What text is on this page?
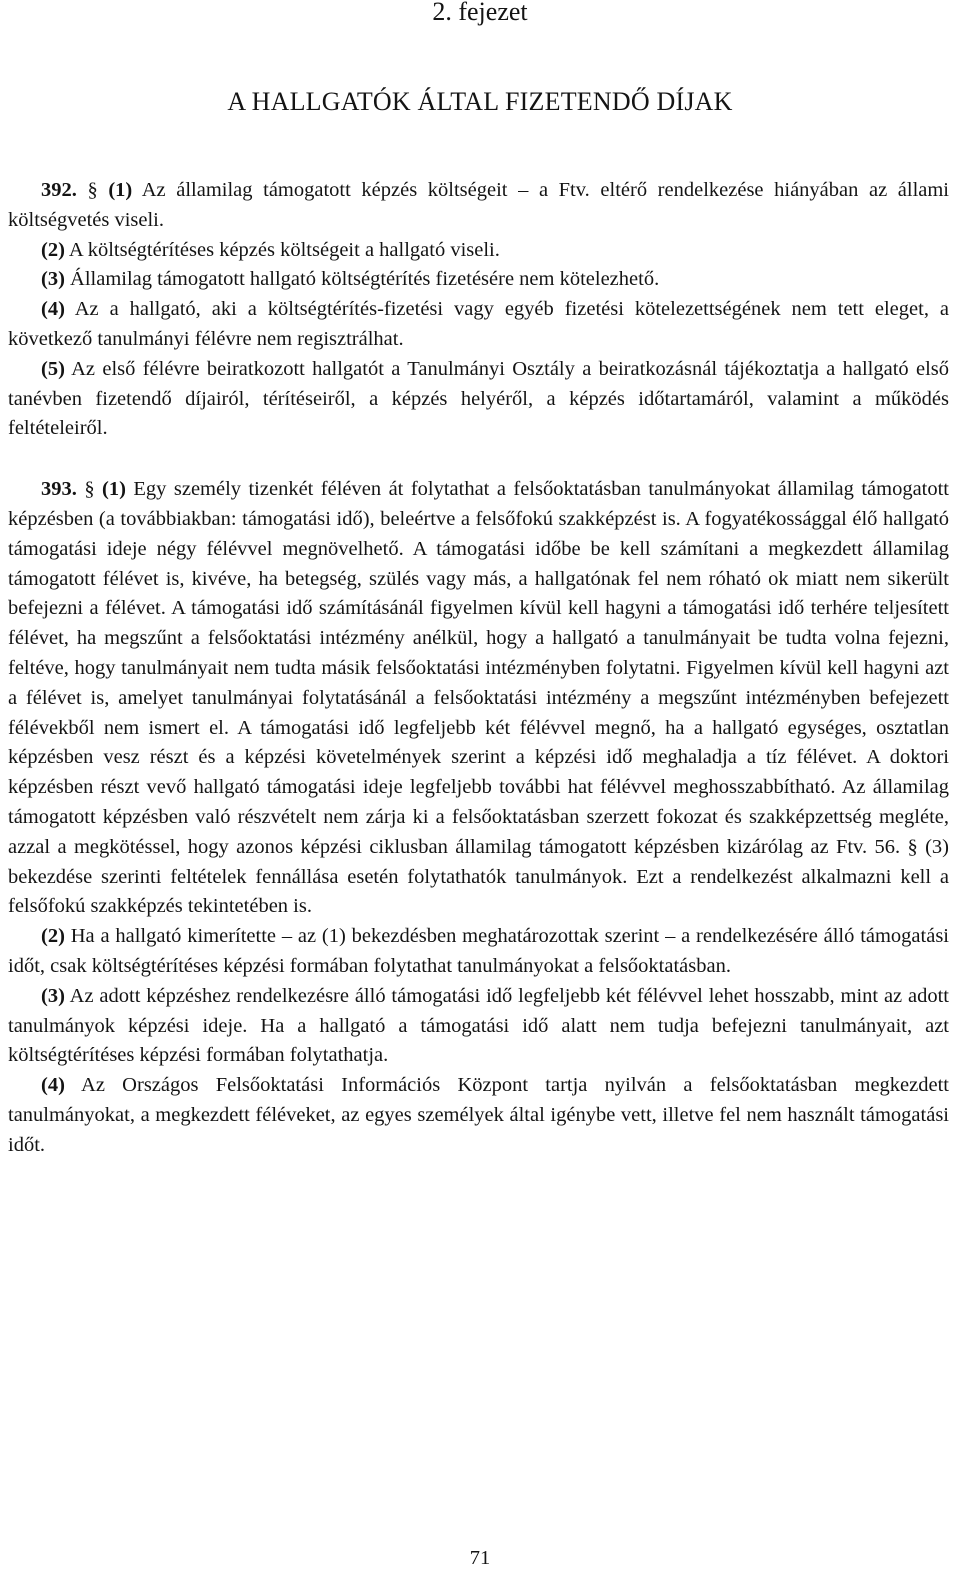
2. fejezet
A HALLGATÓK ÁLTAL FIZETENDŐ DÍJAK

392. § (1) Az államilag támogatott képzés költségeit – a Ftv. eltérő rendelkezése hiányában az állami költségvetés viseli.

(2) A költségtérítéses képzés költségeit a hallgató viseli.

(3) Államilag támogatott hallgató költségtérítés fizetésére nem kötelezhető.

(4) Az a hallgató, aki a költségtérítés-fizetési vagy egyéb fizetési kötelezettségének nem tett eleget, a következő tanulmányi félévre nem regisztrálhat.

(5) Az első félévre beiratkozott hallgatót a Tanulmányi Osztály a beiratkozásnál tájékoztatja a hallgató első tanévben fizetendő díjairól, térítéseiről, a képzés helyéről, a képzés időtartamáról, valamint a működés feltételeiről.

393. § (1) Egy személy tizenkét féléven át folytathat a felsőoktatásban tanulmányokat államilag támogatott képzésben (a továbbiakban: támogatási idő), beleértve a felsőfokú szakképzést is. A fogyatékossággal élő hallgató támogatási ideje négy félévvel megnövelhető. A támogatási időbe be kell számítani a megkezdett államilag támogatott félévet is, kivéve, ha betegség, szülés vagy más, a hallgatónak fel nem róható ok miatt nem sikerült befejezni a félévet. A támogatási idő számításánál figyelmen kívül kell hagyni a támogatási idő terhére teljesített félévet, ha megszűnt a felsőoktatási intézmény anélkül, hogy a hallgató a tanulmányait be tudta volna fejezni, feltéve, hogy tanulmányait nem tudta másik felsőoktatási intézményben folytatni. Figyelmen kívül kell hagyni azt a félévet is, amelyet tanulmányai folytatásánál a felsőoktatási intézmény a megszűnt intézményben befejezett félévekből nem ismert el. A támogatási idő legfeljebb két félévvel megnő, ha a hallgató egységes, osztatlan képzésben vesz részt és a képzési követelmények szerint a képzési idő meghaladja a tíz félévet. A doktori képzésben részt vevő hallgató támogatási ideje legfeljebb további hat félévvel meghosszabbítható. Az államilag támogatott képzésben való részvételt nem zárja ki a felsőoktatásban szerzett fokozat és szakképzettség megléte, azzal a megkötéssel, hogy azonos képzési ciklusban államilag támogatott képzésben kizárólag az Ftv. 56. § (3) bekezdése szerinti feltételek fennállása esetén folytathatók tanulmányok. Ezt a rendelkezést alkalmazni kell a felsőfokú szakképzés tekintetében is.

(2) Ha a hallgató kimerítette – az (1) bekezdésben meghatározottak szerint – a rendelkezésére álló támogatási időt, csak költségtérítéses képzési formában folytathat tanulmányokat a felsőoktatásban.

(3) Az adott képzéshez rendelkezésre álló támogatási idő legfeljebb két félévvel lehet hosszabb, mint az adott tanulmányok képzési ideje. Ha a hallgató a támogatási idő alatt nem tudja befejezni tanulmányait, azt költségtérítéses képzési formában folytathatja.

(4) Az Országos Felsőoktatási Információs Központ tartja nyilván a felsőoktatásban megkezdett tanulmányokat, a megkezdett féléveket, az egyes személyek által igénybe vett, illetve fel nem használt támogatási időt.

71
